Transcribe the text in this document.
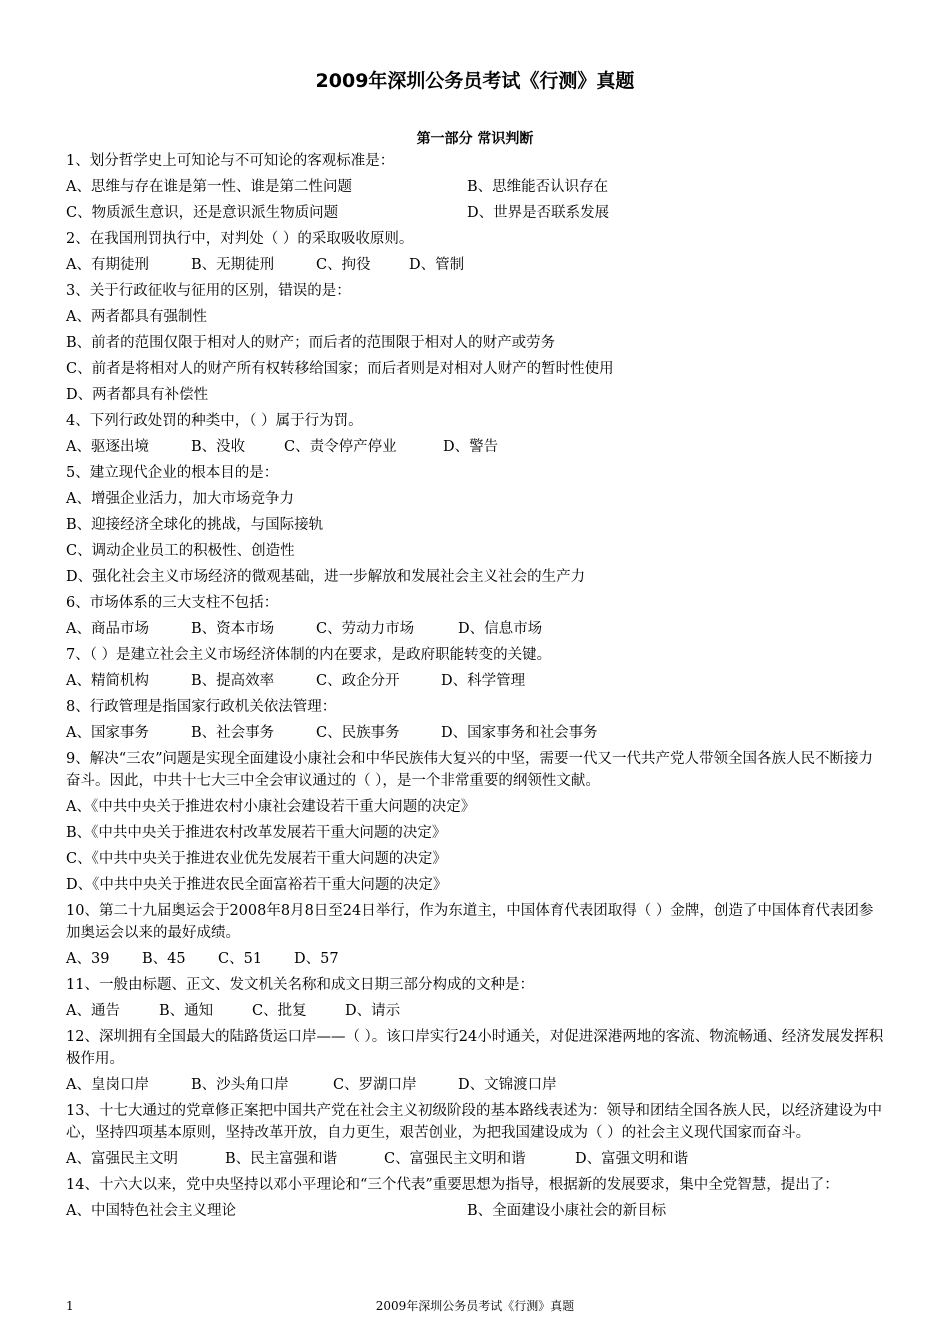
2009年深圳公务员考试《行测》真题
第一部分 常识判断
1、划分哲学史上可知论与不可知论的客观标准是：
A、思维与存在谁是第一性、谁是第二性问题	B、思维能否认识存在
C、物质派生意识，还是意识派生物质问题	D、世界是否联系发展
2、在我国刑罚执行中，对判处（ ）的采取吸收原则。
A、有期徒刑	B、无期徒刑	C、拘役	D、管制
3、关于行政征收与征用的区别，错误的是：
A、两者都具有强制性
B、前者的范围仅限于相对人的财产；而后者的范围限于相对人的财产或劳务
C、前者是将相对人的财产所有权转移给国家；而后者则是对相对人财产的暂时性使用
D、两者都具有补偿性
4、下列行政处罚的种类中，（ ）属于行为罚。
A、驱逐出境	B、没收	C、责令停产停业	D、警告
5、建立现代企业的根本目的是：
A、增强企业活力，加大市场竞争力
B、迎接经济全球化的挑战，与国际接轨
C、调动企业员工的积极性、创造性
D、强化社会主义市场经济的微观基础，进一步解放和发展社会主义社会的生产力
6、市场体系的三大支柱不包括：
A、商品市场	B、资本市场	C、劳动力市场	D、信息市场
7、（ ）是建立社会主义市场经济体制的内在要求，是政府职能转变的关键。
A、精简机构	B、提高效率	C、政企分开	D、科学管理
8、行政管理是指国家行政机关依法管理：
A、国家事务	B、社会事务	C、民族事务	D、国家事务和社会事务
9、解决“三农”问题是实现全面建设小康社会和中华民族伟大复兴的中坚，需要一代又一代共产党人带领全国各族人民不断接力奋斗。因此，中共十七大三中全会审议通过的（ ），是一个非常重要的纲领性文献。
A、《中共中央关于推进农村小康社会建设若干重大问题的决定》
B、《中共中央关于推进农村改革发展若干重大问题的决定》
C、《中共中央关于推进农业优先发展若干重大问题的决定》
D、《中共中央关于推进农民全面富裕若干重大问题的决定》
10、第二十九届奥运会于2008年8月8日至24日举行，作为东道主，中国体育代表团取得（ ）金牌，创造了中国体育代表团参加奥运会以来的最好成绩。
A、39 B、45 C、51 D、57
11、一般由标题、正文、发文机关名称和成文日期三部分构成的文种是：
A、通告	B、通知	C、批复	D、请示
12、深圳拥有全国最大的陆路货运口岸——（ ）。该口岸实行24小时通关，对促进深港两地的客流、物流畅通、经济发展发挥积极作用。
A、皇岗口岸	B、沙头角口岸	C、罗湖口岸	D、文锦渡口岸
13、十七大通过的党章修正案把中国共产党在社会主义初级阶段的基本路线表述为：领导和团结全国各族人民，以经济建设为中心，坚持四项基本原则，坚持改革开放，自力更生，艰苦创业，为把我国建设成为（ ）的社会主义现代国家而奋斗。
A、富强民主文明	B、民主富强和谐	C、富强民主文明和谐	D、富强文明和谐
14、十六大以来，党中央坚持以邓小平理论和“三个代表”重要思想为指导，根据新的发展要求，集中全党智慧，提出了：
A、中国特色社会主义理论	B、全面建设小康社会的新目标
2009年深圳公务员考试《行测》真题
1
